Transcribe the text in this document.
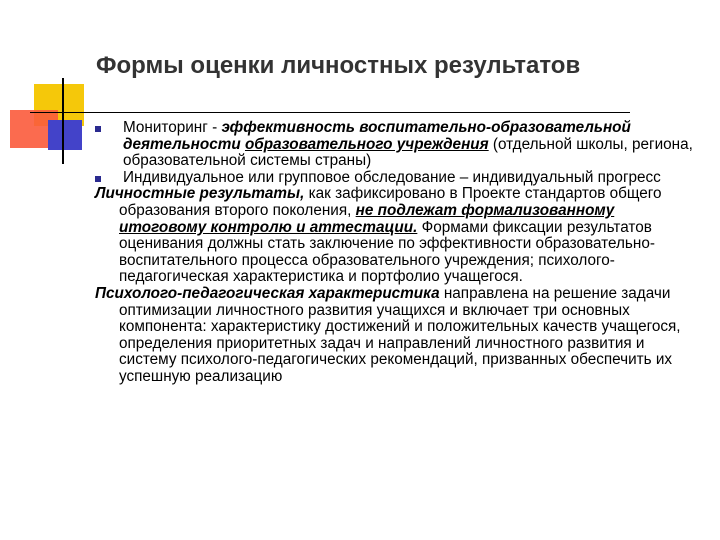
Формы оценки личностных результатов
Мониторинг - эффективность воспитательно-образовательной деятельности образовательного учреждения (отдельной школы, региона, образовательной системы страны)
Индивидуальное или групповое обследование – индивидуальный прогресс

Личностные результаты, как зафиксировано в Проекте стандартов общего образования второго поколения, не подлежат формализованному итоговому контролю и аттестации. Формами фиксации результатов оценивания должны стать заключение по эффективности образовательно-воспитательного процесса образовательного учреждения; психолого-педагогическая характеристика и портфолио учащегося.

Психолого-педагогическая характеристика направлена на решение задачи оптимизации личностного развития учащихся и включает три основных компонента: характеристику достижений и положительных качеств учащегося, определения приоритетных задач и направлений личностного развития и систему психолого-педагогических рекомендаций, призванных обеспечить их успешную реализацию
